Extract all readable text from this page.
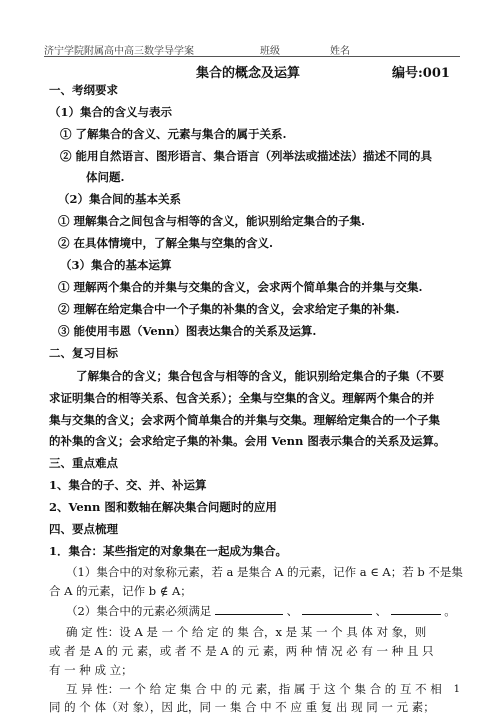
济宁学院附属高中高三数学导学案	班级	姓名
集合的概念及运算	编号:001
一、考纲要求
（1）集合的含义与表示
① 了解集合的含义、元素与集合的属于关系.
② 能用自然语言、图形语言、集合语言（列举法或描述法）描述不同的具
体问题.
（2）集合间的基本关系
① 理解集合之间包含与相等的含义，能识别给定集合的子集.
② 在具体情境中，了解全集与空集的含义.
（3）集合的基本运算
① 理解两个集合的并集与交集的含义，会求两个简单集合的并集与交集.
② 理解在给定集合中一个子集的补集的含义，会求给定子集的补集.
③ 能使用韦恩（Venn）图表达集合的关系及运算.
二、复习目标
了解集合的含义；集合包含与相等的含义，能识别给定集合的子集（不要
求证明集合的相等关系、包含关系）；全集与空集的含义。理解两个集合的并
集与交集的含义；会求两个简单集合的并集与交集。理解给定集合的一个子集
的补集的含义；会求给定子集的补集。会用 Venn 图表示集合的关系及运算。
三、重点难点
1、集合的子、交、并、补运算
2、Venn 图和数轴在解决集合问题时的应用
四、要点梳理
1．集合：某些指定的对象集在一起成为集合。
（1）集合中的对象称元素，若 a 是集合 A 的元素，记作 a ∈ A；若 b 不是集
合 A 的元素，记作 b ∉ A；
（2）集合中的元素必须满足	、	、	。
确 定 性：设 A 是 一 个 给 定 的 集 合，x 是 某 一 个 具 体 对 象，则
或 者 是 A 的 元 素，或 者 不 是 A 的 元 素，两 种 情 况 必 有 一 种 且 只
有 一 种 成 立；
互 异 性：一 个 给 定 集 合 中 的 元 素，指 属 于 这 个 集 合 的 互 不 相
同 的 个 体（对 象），因 此，同 一 集 合 中 不 应 重 复 出 现 同 一 元 素；
1
